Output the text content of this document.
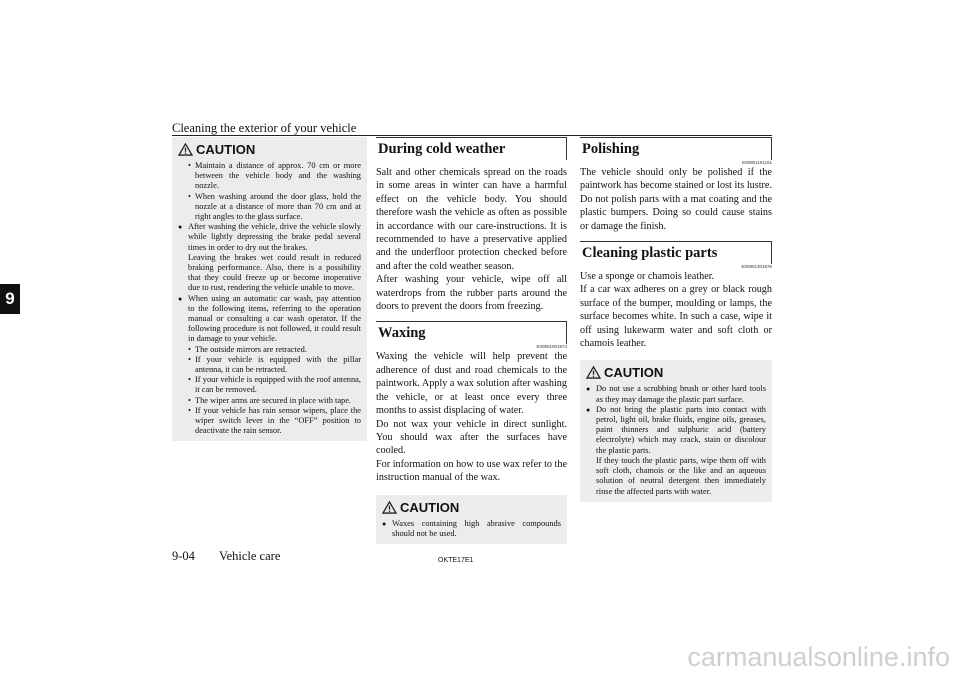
Cleaning the exterior of your vehicle
9
CAUTION
• Maintain a distance of approx. 70 cm or more between the vehicle body and the washing nozzle.
• When washing around the door glass, hold the nozzle at a distance of more than 70 cm and at right angles to the glass surface.

● After washing the vehicle, drive the vehicle slowly while lightly depressing the brake pedal several times in order to dry out the brakes.

Leaving the brakes wet could result in reduced braking performance. Also, there is a possibility that they could freeze up or become inoperative due to rust, rendering the vehicle unable to move.

● When using an automatic car wash, pay attention to the following items, referring to the operation manual or consulting a car wash operator. If the following procedure is not followed, it could result in damage to your vehicle.

• The outside mirrors are retracted.
• If your vehicle is equipped with the pillar antenna, it can be retracted.
• If your vehicle is equipped with the roof antenna, it can be removed.
• The wiper arms are secured in place with tape.
• If your vehicle has rain sensor wipers, place the wiper switch lever in the “OFF” position to deactivate the rain sensor.
During cold weather

Salt and other chemicals spread on the roads in some areas in winter can have a harmful effect on the vehicle body. You should therefore wash the vehicle as often as possible in accordance with our care-instructions. It is recommended to have a preservative applied and the underfloor protection checked before and after the cold weather season.

After washing your vehicle, wipe off all waterdrops from the rubber parts around the doors to prevent the doors from freezing.

Waxing

E00901001974

Waxing the vehicle will help prevent the adherence of dust and road chemicals to the paintwork. Apply a wax solution after washing the vehicle, or at least once every three months to assist displacing of water.

Do not wax your vehicle in direct sunlight. You should wax after the surfaces have cooled.

For information on how to use wax refer to the instruction manual of the wax.

CAUTION

● Waxes containing high abrasive compounds should not be used.

Polishing

E00901101151

The vehicle should only be polished if the paintwork has become stained or lost its lustre. Do not polish parts with a mat coating and the plastic bumpers. Doing so could cause stains or damage the finish.

Cleaning plastic parts

E00901301876

Use a sponge or chamois leather.

If a car wax adheres on a grey or black rough surface of the bumper, moulding or lamps, the surface becomes white. In such a case, wipe it off using lukewarm water and soft cloth or chamois leather.

CAUTION

● Do not use a scrubbing brush or other hard tools as they may damage the plastic part surface.

● Do not bring the plastic parts into contact with petrol, light oil, brake fluids, engine oils, greases, paint thinners and sulphuric acid (battery electrolyte) which may crack, stain or discolour the plastic parts.

If they touch the plastic parts, wipe them off with soft cloth, chamois or the like and an aqueous solution of neutral detergent then immediately rinse the affected parts with water.

9-04 Vehicle care	OKTE17E1
carmanualsonline.info
